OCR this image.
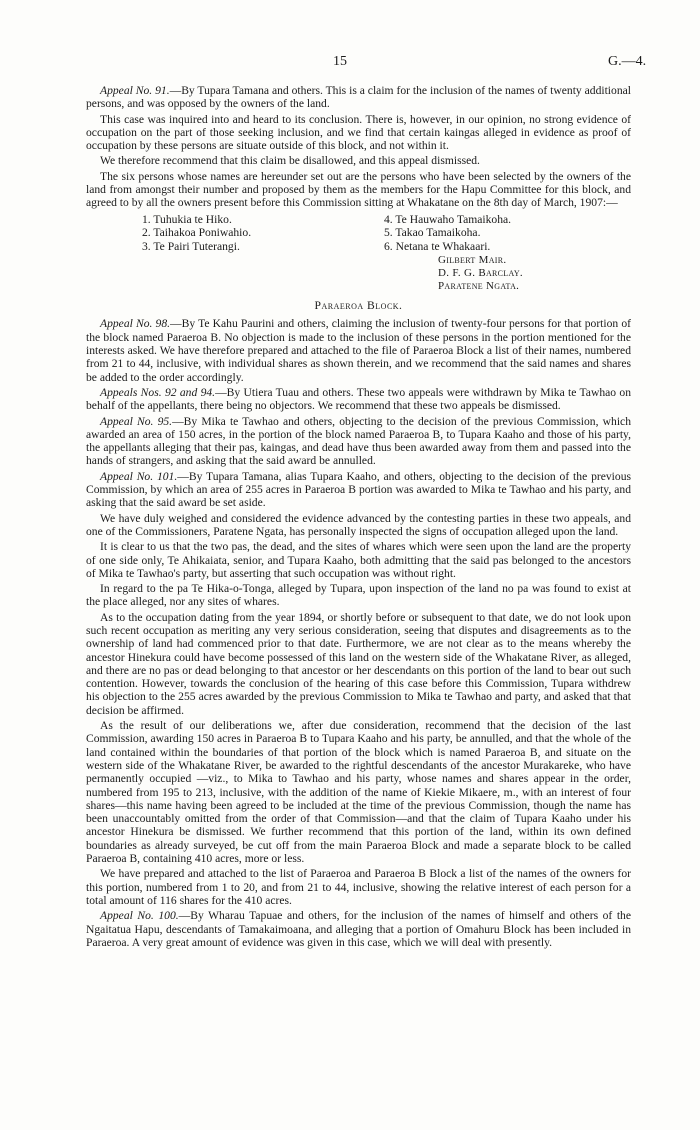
15	G.—4.

Appeal No. 91.—By Tupara Tamana and others. This is a claim for the inclusion of the names of twenty additional persons, and was opposed by the owners of the land.

This case was inquired into and heard to its conclusion. There is, however, in our opinion, no strong evidence of occupation on the part of those seeking inclusion, and we find that certain kaingas alleged in evidence as proof of occupation by these persons are situate outside of this block, and not within it.

We therefore recommend that this claim be disallowed, and this appeal dismissed.

The six persons whose names are hereunder set out are the persons who have been selected by the owners of the land from amongst their number and proposed by them as the members for the Hapu Committee for this block, and agreed to by all the owners present before this Commission sitting at Whakatane on the 8th day of March, 1907:—

1. Tuhukia te Hiko.
2. Taihakoa Poniwahio.
3. Te Pairi Tuterangi.
4. Te Hauwaho Tamaikoha.
5. Takao Tamaikoha.
6. Netana te Whakaari.
Gilbert Mair.
D. F. G. Barclay.
Paratene Ngata.
Paraeroa Block.

Appeal No. 98.—By Te Kahu Paurini and others, claiming the inclusion of twenty-four persons for that portion of the block named Paraeroa B. No objection is made to the inclusion of these persons in the portion mentioned for the interests asked. We have therefore prepared and attached to the file of Paraeroa Block a list of their names, numbered from 21 to 44, inclusive, with individual shares as shown therein, and we recommend that the said names and shares be added to the order accordingly.

Appeals Nos. 92 and 94.—By Utiera Tuau and others. These two appeals were withdrawn by Mika te Tawhao on behalf of the appellants, there being no objectors. We recommend that these two appeals be dismissed.

Appeal No. 95.—By Mika te Tawhao and others, objecting to the decision of the previous Commission, which awarded an area of 150 acres, in the portion of the block named Paraeroa B, to Tupara Kaaho and those of his party, the appellants alleging that their pas, kaingas, and dead have thus been awarded away from them and passed into the hands of strangers, and asking that the said award be annulled.

Appeal No. 101.—By Tupara Tamana, alias Tupara Kaaho, and others, objecting to the decision of the previous Commission, by which an area of 255 acres in Paraeroa B portion was awarded to Mika te Tawhao and his party, and asking that the said award be set aside.

We have duly weighed and considered the evidence advanced by the contesting parties in these two appeals, and one of the Commissioners, Paratene Ngata, has personally inspected the signs of occupation alleged upon the land.

It is clear to us that the two pas, the dead, and the sites of whares which were seen upon the land are the property of one side only, Te Ahikaiata, senior, and Tupara Kaaho, both admitting that the said pas belonged to the ancestors of Mika te Tawhao's party, but asserting that such occupation was without right.

In regard to the pa Te Hika-o-Tonga, alleged by Tupara, upon inspection of the land no pa was found to exist at the place alleged, nor any sites of whares.

As to the occupation dating from the year 1894, or shortly before or subsequent to that date, we do not look upon such recent occupation as meriting any very serious consideration, seeing that disputes and disagreements as to the ownership of land had commenced prior to that date. Furthermore, we are not clear as to the means whereby the ancestor Hinekura could have become possessed of this land on the western side of the Whakatane River, as alleged, and there are no pas or dead belonging to that ancestor or her descendants on this portion of the land to bear out such contention. However, towards the conclusion of the hearing of this case before this Commission, Tupara withdrew his objection to the 255 acres awarded by the previous Commission to Mika te Tawhao and party, and asked that that decision be affirmed.

As the result of our deliberations we, after due consideration, recommend that the decision of the last Commission, awarding 150 acres in Paraeroa B to Tupara Kaaho and his party, be annulled, and that the whole of the land contained within the boundaries of that portion of the block which is named Paraeroa B, and situate on the western side of the Whakatane River, be awarded to the rightful descendants of the ancestor Murakareke, who have permanently occupied —viz., to Mika to Tawhao and his party, whose names and shares appear in the order, numbered from 195 to 213, inclusive, with the addition of the name of Kiekie Mikaere, m., with an interest of four shares—this name having been agreed to be included at the time of the previous Commission, though the name has been unaccountably omitted from the order of that Commission—and that the claim of Tupara Kaaho under his ancestor Hinekura be dismissed. We further recommend that this portion of the land, within its own defined boundaries as already surveyed, be cut off from the main Paraeroa Block and made a separate block to be called Paraeroa B, containing 410 acres, more or less.

We have prepared and attached to the list of Paraeroa and Paraeroa B Block a list of the names of the owners for this portion, numbered from 1 to 20, and from 21 to 44, inclusive, showing the relative interest of each person for a total amount of 116 shares for the 410 acres.

Appeal No. 100.—By Wharau Tapuae and others, for the inclusion of the names of himself and others of the Ngaitatua Hapu, descendants of Tamakaimoana, and alleging that a portion of Omahuru Block has been included in Paraeroa. A very great amount of evidence was given in this case, which we will deal with presently.
